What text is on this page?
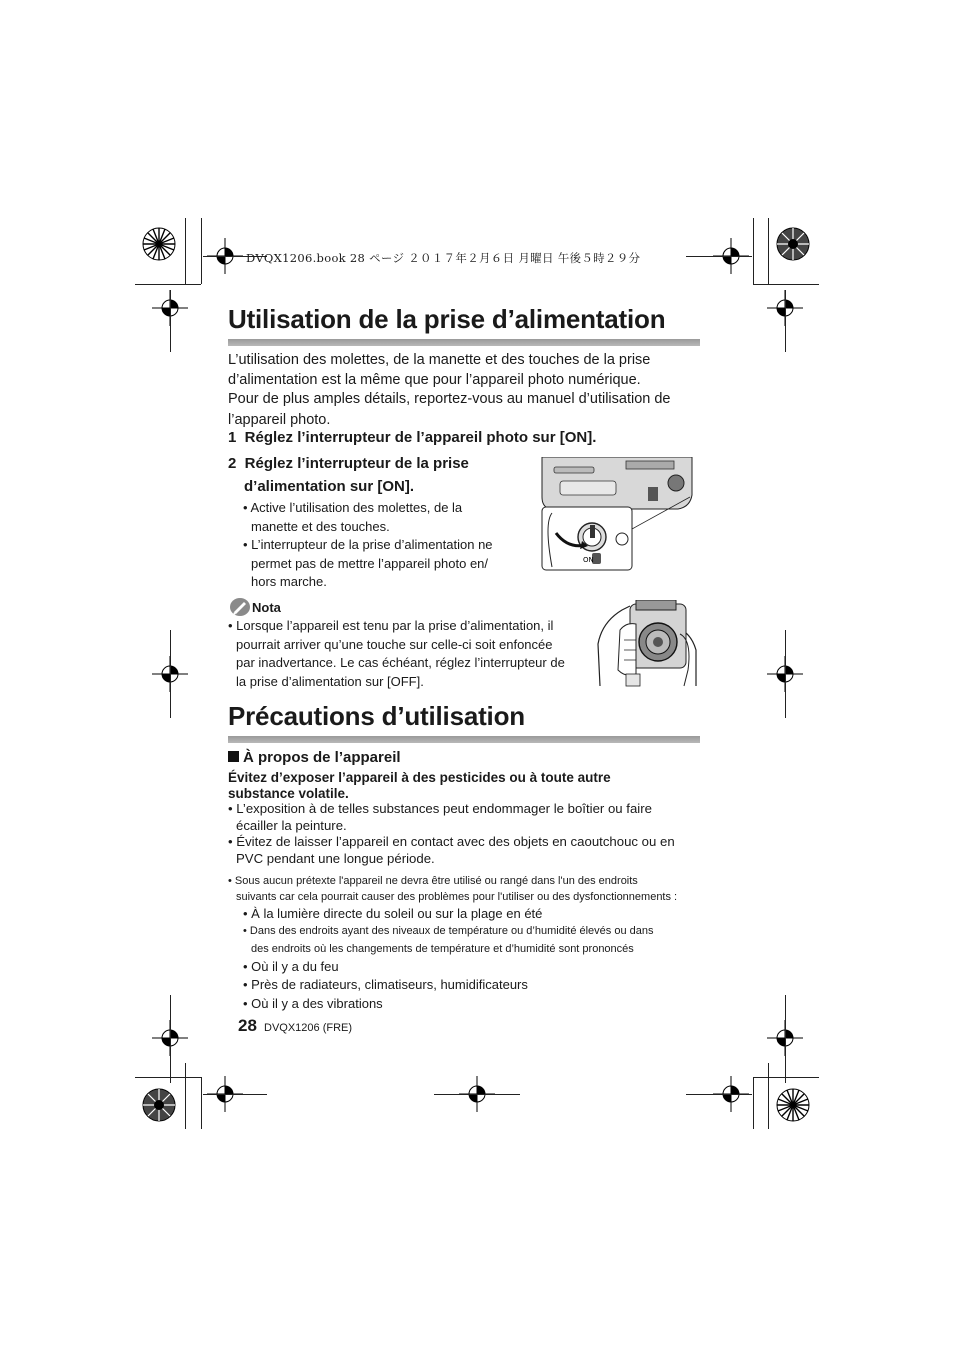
DVQX1206.book 28 ページ ２０１７年２月６日 月曜日 午後５時２９分
Utilisation de la prise d’alimentation
L’utilisation des molettes, de la manette et des touches de la prise
d’alimentation est la même que pour l’appareil photo numérique.
Pour de plus amples détails, reportez-vous au manuel d’utilisation de
l’appareil photo.
1  Réglez l’interrupteur de l’appareil photo sur [ON].
2  Réglez l’interrupteur de la prise
d’alimentation sur [ON].
• Active l’utilisation des molettes, de la
manette et des touches.
• L’interrupteur de la prise d’alimentation ne
permet pas de mettre l’appareil photo en/
hors marche.
ON
Nota
• Lorsque l’appareil est tenu par la prise d’alimentation, il
pourrait arriver qu’une touche sur celle-ci soit enfoncée
par inadvertance. Le cas échéant, réglez l’interrupteur de
la prise d’alimentation sur [OFF].
Précautions d’utilisation
À propos de l’appareil
Évitez d’exposer l’appareil à des pesticides ou à toute autre
substance volatile.
• L’exposition à de telles substances peut endommager le boîtier ou faire
écailler la peinture.
• Évitez de laisser l’appareil en contact avec des objets en caoutchouc ou en
PVC pendant une longue période.
• Sous aucun prétexte l'appareil ne devra être utilisé ou rangé dans l'un des endroits
suivants car cela pourrait causer des problèmes pour l'utiliser ou des dysfonctionnements :
• À la lumière directe du soleil ou sur la plage en été
• Dans des endroits ayant des niveaux de température ou d’humidité élevés ou dans
des endroits où les changements de température et d’humidité sont prononcés
• Où il y a du feu
• Près de radiateurs, climatiseurs, humidificateurs
• Où il y a des vibrations
28 DVQX1206 (FRE)
